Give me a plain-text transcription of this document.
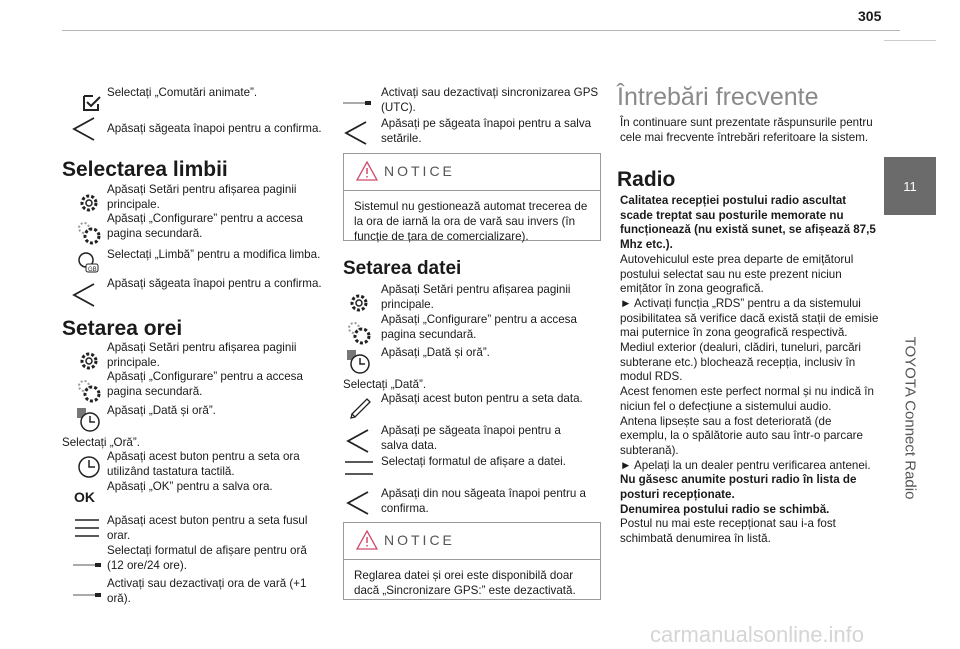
305
11
TOYOTA Connect Radio
Selectați „Comutări animate”.
Apăsați săgeata înapoi pentru a confirma.
Selectarea limbii
Apăsați Setări pentru afișarea paginii principale.
Apăsați „Configurare” pentru a accesa pagina secundară.
GB
Selectați „Limbă” pentru a modifica limba.
Apăsați săgeata înapoi pentru a confirma.
Setarea orei
Apăsați Setări pentru afișarea paginii principale.
Apăsați „Configurare” pentru a accesa pagina secundară.
Apăsați „Dată și oră”.
Selectați „Oră”.
Apăsați acest buton pentru a seta ora utilizând tastatura tactilă.
OK
Apăsați „OK” pentru a salva ora.
Apăsați acest buton pentru a seta fusul orar.
Selectați formatul de afișare pentru oră (12 ore/24 ore).
Activați sau dezactivați ora de vară (+1 oră).
Activați sau dezactivați sincronizarea GPS (UTC).
Apăsați pe săgeata înapoi pentru a salva setările.
NOTICE
Sistemul nu gestionează automat trecerea de la ora de iarnă la ora de vară sau invers (în funcție de țara de comercializare).
Setarea datei
Apăsați Setări pentru afișarea paginii principale.
Apăsați „Configurare” pentru a accesa pagina secundară.
Apăsați „Dată și oră”.
Selectați „Dată”.
Apăsați acest buton pentru a seta data.
Apăsați pe săgeata înapoi pentru a salva data.
Selectați formatul de afișare a datei.
Apăsați din nou săgeata înapoi pentru a confirma.
NOTICE
Reglarea datei și orei este disponibilă doar dacă „Sincronizare GPS:” este dezactivată.
Întrebări frecvente
În continuare sunt prezentate răspunsurile pentru cele mai frecvente întrebări referitoare la sistem.
Radio
Calitatea recepției postului radio ascultat scade treptat sau posturile memorate nu funcționează (nu există sunet, se afișează 87,5 Mhz etc.).
Autovehiculul este prea departe de emițătorul postului selectat sau nu este prezent niciun emițător în zona geografică.
► Activați funcția „RDS” pentru a da sistemului posibilitatea să verifice dacă există stații de emisie mai puternice în zona geografică respectivă.
Mediul exterior (dealuri, clădiri, tuneluri, parcări subterane etc.) blochează recepția, inclusiv în modul RDS.
Acest fenomen este perfect normal și nu indică în niciun fel o defecțiune a sistemului audio.
Antena lipsește sau a fost deteriorată (de exemplu, la o spălătorie auto sau într-o parcare subterană).
► Apelați la un dealer pentru verificarea antenei.
Nu găsesc anumite posturi radio în lista de posturi recepționate.
Denumirea postului radio se schimbă.
Postul nu mai este recepționat sau i-a fost schimbată denumirea în listă.
carmanualsonline.info
